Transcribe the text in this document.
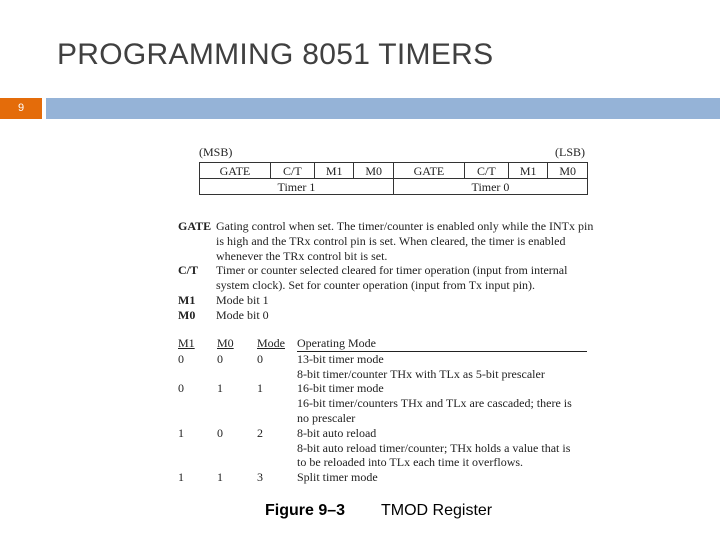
PROGRAMMING 8051 TIMERS
9
(MSB)	(LSB)
GATE	C/T	M1	M0	GATE	C/T	M1	M0
Timer 1				Timer 0			
GATE Gating control when set. The timer/counter is enabled only while the INTx pin
is high and the TRx control pin is set. When cleared, the timer is enabled
whenever the TRx control bit is set.
C/T	Timer or counter selected cleared for timer operation (input from internal
system clock). Set for counter operation (input from Tx input pin).
M1	Mode bit 1
M0	Mode bit 0
M1	M0	Mode	Operating Mode
0	0	0	13-bit timer mode
8-bit timer/counter THx with TLx as 5-bit prescaler
0	1	1	16-bit timer mode
16-bit timer/counters THx and TLx are cascaded; there is
no prescaler
1	0	2	8-bit auto reload
8-bit auto reload timer/counter; THx holds a value that is
to be reloaded into TLx each time it overflows.
1	1	3	Split timer mode
Figure 9–3 TMOD Register
